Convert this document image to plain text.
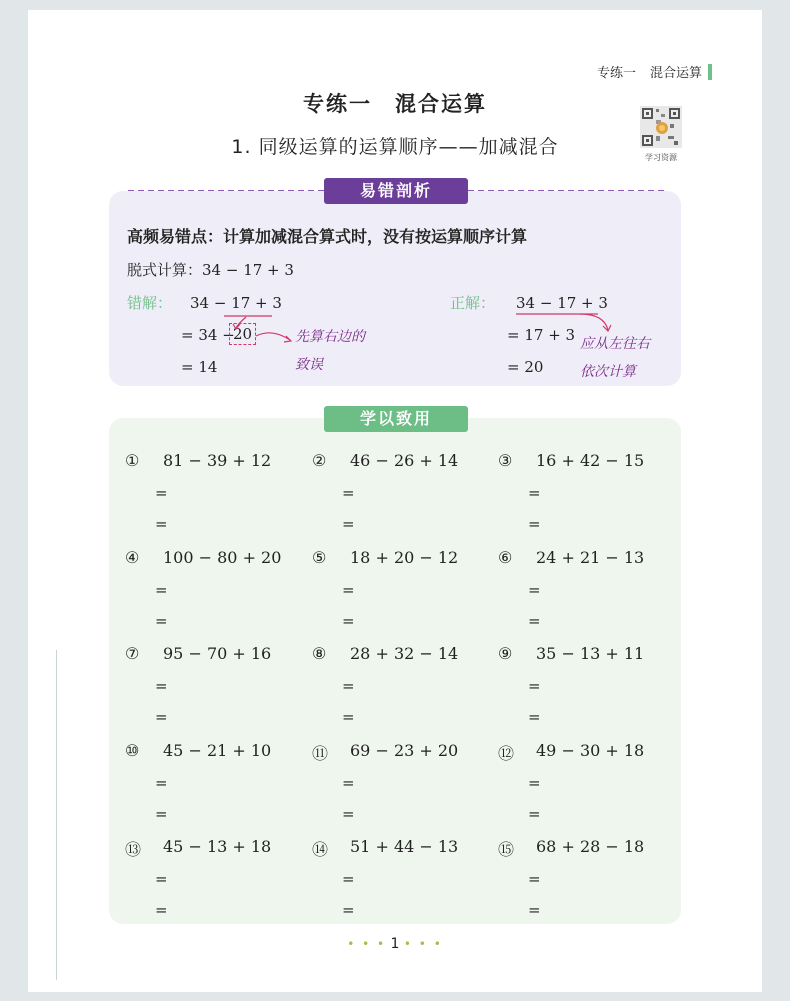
专练一 混合运算
专练一　混合运算
1. 同级运算的运算顺序——加减混合	学习资源
易错剖析
高频易错点：计算加减混合算式时，没有按运算顺序计算
脱式计算：34 − 17 + 3
错解： 34 − 17 + 3
= 34 −
20
= 14
先算右边的
致误
正解： 34 − 17 + 3
= 17 + 3
= 20
应从左往右
依次计算
学以致用
① 81 − 39 + 12
=
=
② 46 − 26 + 14
=
=
③ 16 + 42 − 15
=
=
④ 100 − 80 + 20
=
=
⑤ 18 + 20 − 12
=
=
⑥ 24 + 21 − 13
=
=
⑦ 95 − 70 + 16
=
=
⑧ 28 + 32 − 14
=
=
⑨ 35 − 13 + 11
=
=
⑩ 45 − 21 + 10
=
=
⑪ 69 − 23 + 20
=
=
⑫ 49 − 30 + 18
=
=
⑬ 45 − 13 + 18
=
=
⑭ 51 + 44 − 13
=
=
⑮ 68 + 28 − 18
=
=
• • • 1 • • •
